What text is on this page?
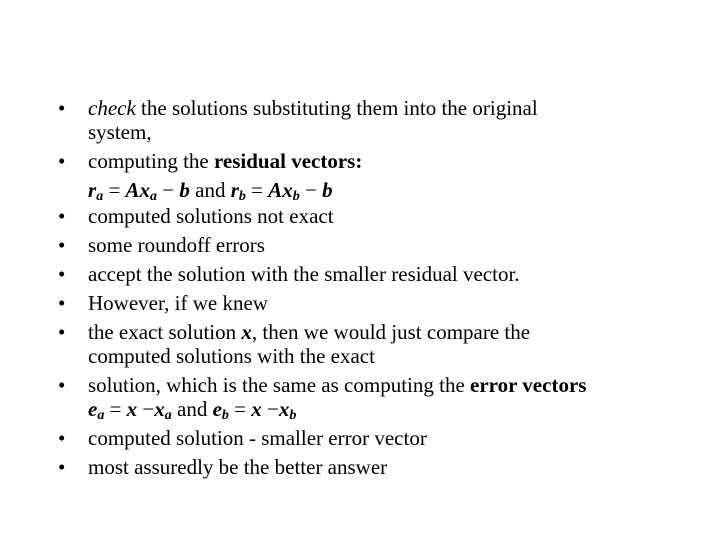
• check the solutions substituting them into the original
system,
• computing the residual vectors:
$r_a = Ax_a - b$ and $r_b = Ax_b - b$
• computed solutions not exact
• some roundoff errors
• accept the solution with the smaller residual vector.
• However, if we knew
• the exact solution x, then we would just compare the
computed solutions with the exact
• solution, which is the same as computing the error vectors
$e_a = x -x_a$ and $e_b = x -x_b$
• computed solution - smaller error vector
• most assuredly be the better answer
